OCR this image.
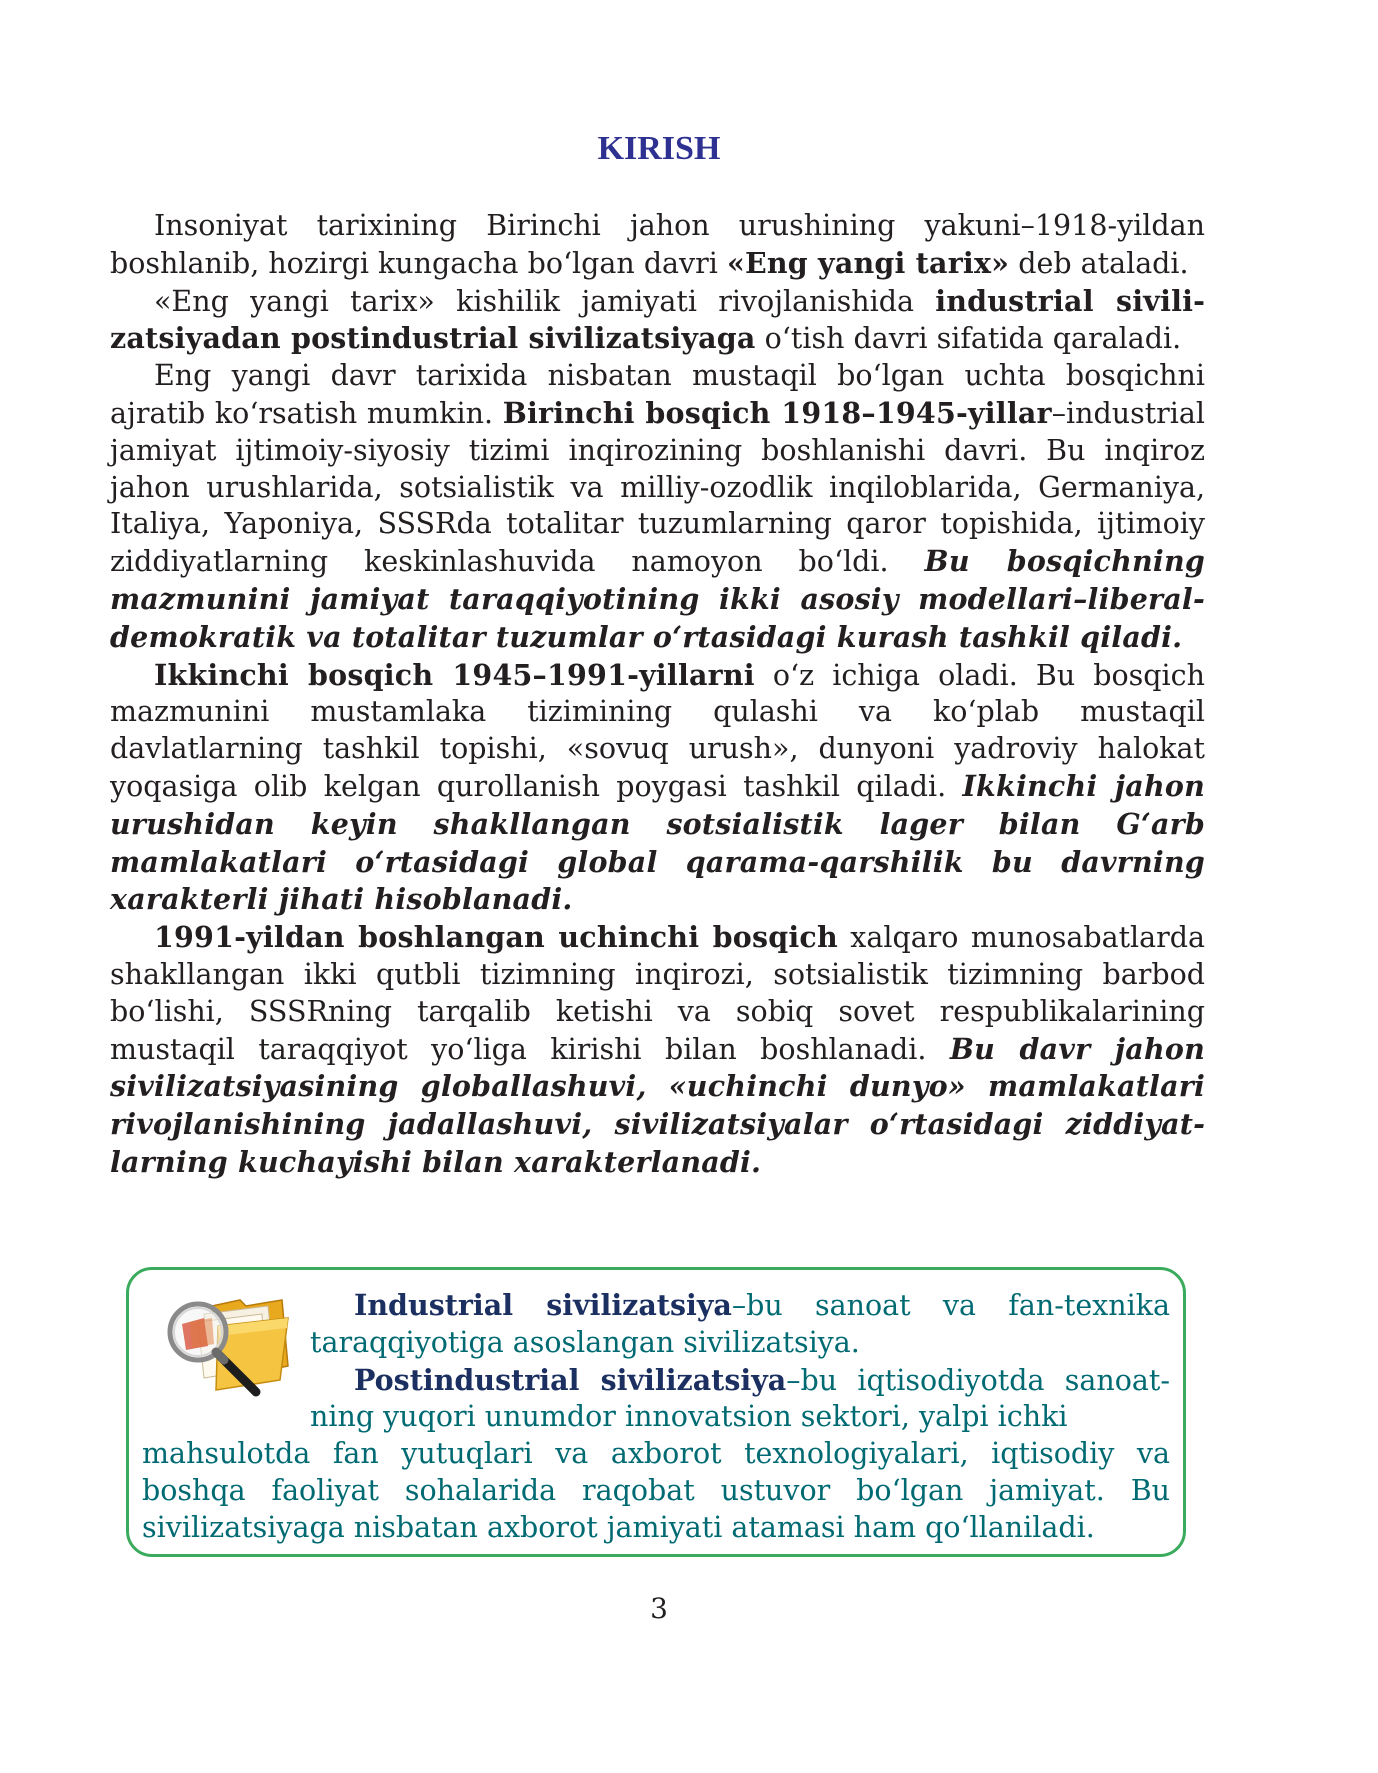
KIRISH

Insoniyat tarixining Birinchi jahon urushining yakuni–1918-yildan boshlanib, hozirgi kungacha bo‘lgan davri «Eng yangi tarix» deb ataladi.

«Eng yangi tarix» kishilik jamiyati rivojlanishida industrial sivilizatsiyadan postindustrial sivilizatsiyaga o‘tish davri sifatida qaraladi.

Eng yangi davr tarixida nisbatan mustaqil bo‘lgan uchta bosqichni ajratib ko‘rsatish mumkin. Birinchi bosqich 1918–1945-yillar–industrial jamiyat ijtimoiy-siyosiy tizimi inqirozining boshlanishi davri. Bu inqiroz jahon urushlarida, sotsialistik va milliy-ozodlik inqiloblarida, Germaniya, Italiya, Yaponiya, SSSRda totalitar tuzumlarning qaror topishida, ijtimoiy ziddiyatlarning keskinlashuvida namoyon bo‘ldi. Bu bosqichning mazmunini jamiyat taraqqiyotining ikki asosiy modellari–liberal-demokratik va totalitar tuzumlar o‘rtasidagi kurash tashkil qiladi.

Ikkinchi bosqich 1945–1991-yillarni o‘z ichiga oladi. Bu bosqich mazmunini mustamlaka tizimining qulashi va ko‘plab mustaqil davlatlarning tashkil topishi, «sovuq urush», dunyoni yadroviy halokat yoqasiga olib kelgan qurollanish poygasi tashkil qiladi. Ikkinchi jahon urushidan keyin shakllangan sotsialistik lager bilan G‘arb mamlakatlari o‘rtasidagi global qarama-qarshilik bu davrning xarakterli jihati hisoblanadi.

1991-yildan boshlangan uchinchi bosqich xalqaro munosabatlarda shakllangan ikki qutbli tizimning inqirozi, sotsialistik tizimning barbod bo‘lishi, SSSRning tarqalib ketishi va sobiq sovet respublikalarining mustaqil taraqqiyot yo‘liga kirishi bilan boshlanadi. Bu davr jahon sivilizatsiyasining globallashuvi, «uchinchi dunyo» mamlakatlari rivojlanishining jadallashuvi, sivilizatsiyalar o‘rtasidagi ziddiyatlarning kuchayishi bilan xarakterlanadi.

Industrial sivilizatsiya–bu sanoat va fan-texnika taraqqiyotiga asoslangan sivilizatsiya.

Postindustrial sivilizatsiya–bu iqtisodiyotda sanoatning yuqori unumdor innovatsion sektori, yalpi ichki

mahsulotda fan yutuqlari va axborot texnologiyalari, iqtisodiy va boshqa faoliyat sohalarida raqobat ustuvor bo‘lgan jamiyat. Bu sivilizatsiyaga nisbatan axborot jamiyati atamasi ham qo‘llaniladi.

3
